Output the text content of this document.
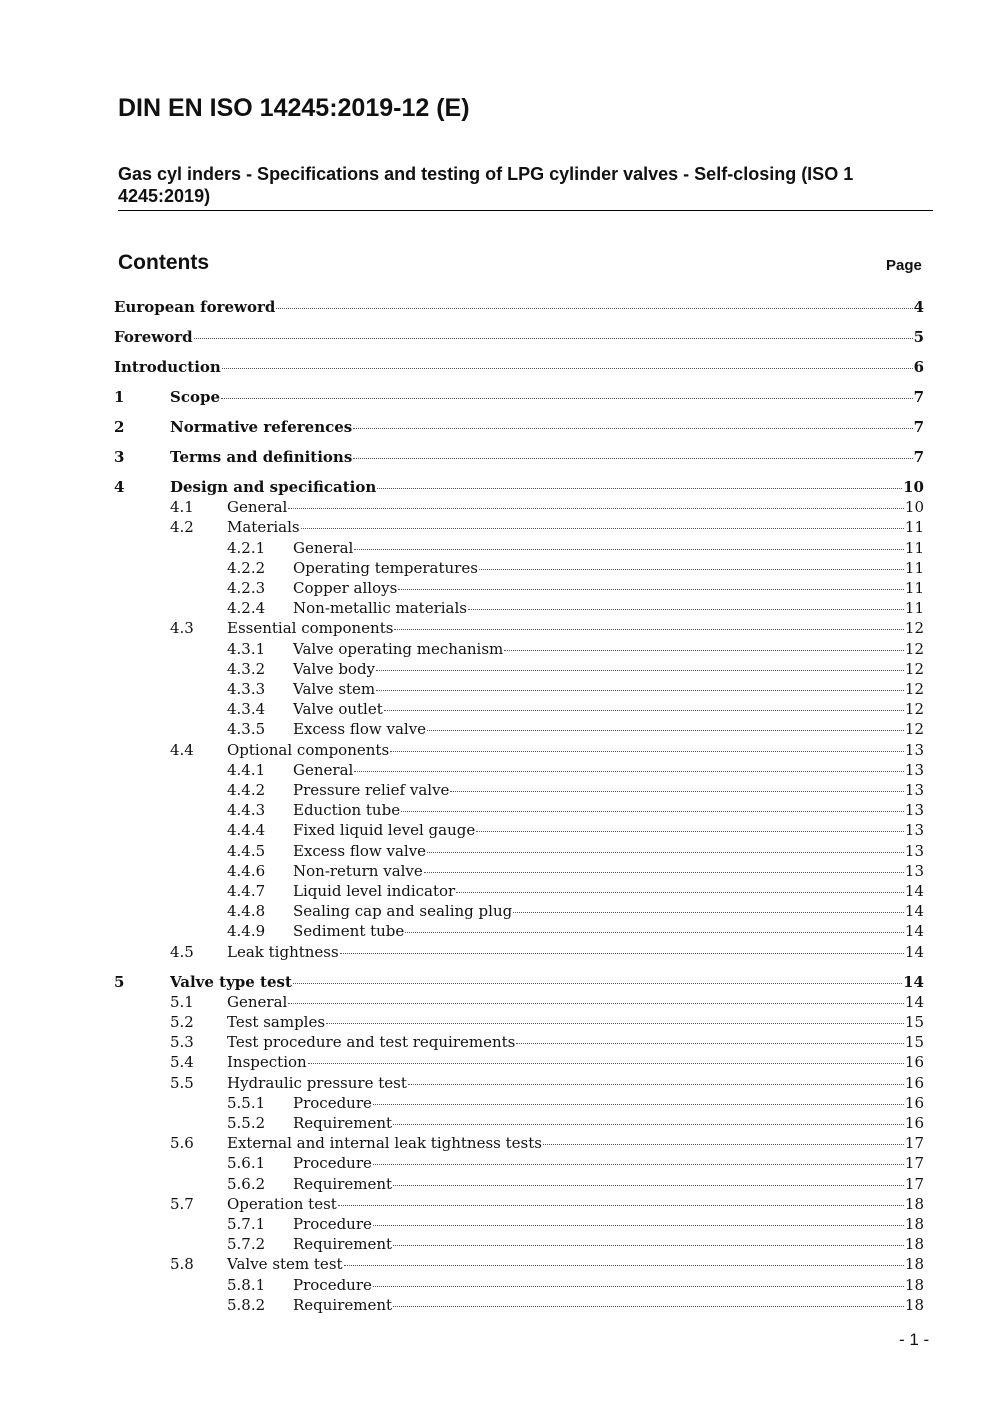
DIN EN ISO 14245:2019-12 (E)
Gas cyl inders - Specifications and testing of LPG cylinder valves - Self-closing (ISO 1 4245:2019)
Contents	Page
European foreword	4
Foreword	5
Introduction	6
1	Scope	7
2	Normative references	7
3	Terms and definitions	7
4	Design and specification	10
4.1	General	10
4.2	Materials	11
4.2.1	General	11
4.2.2	Operating temperatures	11
4.2.3	Copper alloys	11
4.2.4	Non-metallic materials	11
4.3	Essential components	12
4.3.1	Valve operating mechanism	12
4.3.2	Valve body	12
4.3.3	Valve stem	12
4.3.4	Valve outlet	12
4.3.5	Excess flow valve	12
4.4	Optional components	13
4.4.1	General	13
4.4.2	Pressure relief valve	13
4.4.3	Eduction tube	13
4.4.4	Fixed liquid level gauge	13
4.4.5	Excess flow valve	13
4.4.6	Non-return valve	13
4.4.7	Liquid level indicator	14
4.4.8	Sealing cap and sealing plug	14
4.4.9	Sediment tube	14
4.5	Leak tightness	14
5	Valve type test	14
5.1	General	14
5.2	Test samples	15
5.3	Test procedure and test requirements	15
5.4	Inspection	16
5.5	Hydraulic pressure test	16
5.5.1	Procedure	16
5.5.2	Requirement	16
5.6	External and internal leak tightness tests	17
5.6.1	Procedure	17
5.6.2	Requirement	17
5.7	Operation test	18
5.7.1	Procedure	18
5.7.2	Requirement	18
5.8	Valve stem test	18
5.8.1	Procedure	18
5.8.2	Requirement	18
- 1 -
